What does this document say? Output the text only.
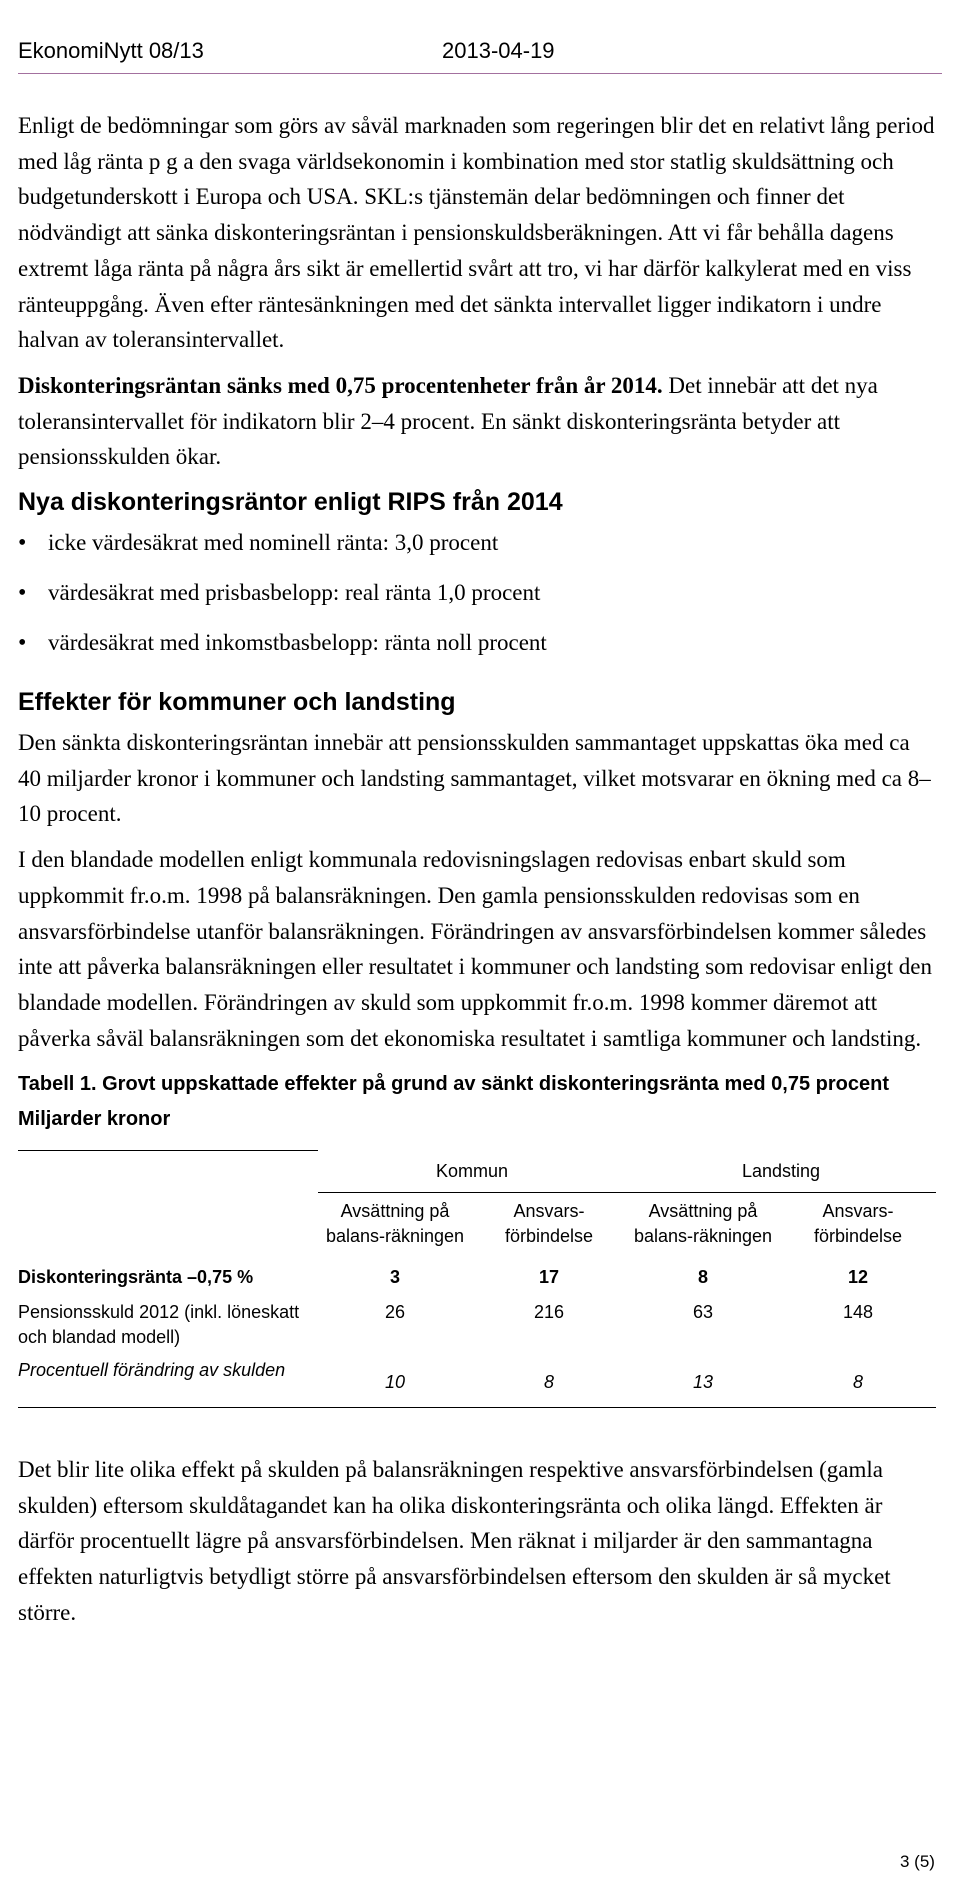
EkonomiNytt 08/13	2013-04-19

Enligt de bedömningar som görs av såväl marknaden som regeringen blir det en relativt lång period med låg ränta p g a den svaga världsekonomin i kombination med stor statlig skuldsättning och budgetunderskott i Europa och USA. SKL:s tjänstemän delar bedömningen och finner det nödvändigt att sänka diskonteringsräntan i pensionskuldsberäkningen. Att vi får behålla dagens extremt låga ränta på några års sikt är emellertid svårt att tro, vi har därför kalkylerat med en viss ränteuppgång. Även efter räntesänkningen med det sänkta intervallet ligger indikatorn i undre halvan av toleransintervallet.

Diskonteringsräntan sänks med 0,75 procentenheter från år 2014. Det innebär att det nya toleransintervallet för indikatorn blir 2–4 procent. En sänkt diskonteringsränta betyder att pensionsskulden ökar.

Nya diskonteringsräntor enligt RIPS från 2014
• icke värdesäkrat med nominell ränta: 3,0 procent
• värdesäkrat med prisbasbelopp: real ränta 1,0 procent
• värdesäkrat med inkomstbasbelopp: ränta noll procent
Effekter för kommuner och landsting

Den sänkta diskonteringsräntan innebär att pensionsskulden sammantaget uppskattas öka med ca 40 miljarder kronor i kommuner och landsting sammantaget, vilket motsvarar en ökning med ca 8–10 procent.

I den blandade modellen enligt kommunala redovisningslagen redovisas enbart skuld som uppkommit fr.o.m. 1998 på balansräkningen. Den gamla pensionsskulden redovisas som en ansvarsförbindelse utanför balansräkningen. Förändringen av ansvarsförbindelsen kommer således inte att påverka balansräkningen eller resultatet i kommuner och landsting som redovisar enligt den blandade modellen. Förändringen av skuld som uppkommit fr.o.m. 1998 kommer däremot att påverka såväl balansräkningen som det ekonomiska resultatet i samtliga kommuner och landsting.

Tabell 1. Grovt uppskattade effekter på grund av sänkt diskonteringsränta med 0,75 procent
Miljarder kronor
	Kommun		Landsting	
	Avsättning på balans-räkningen	Ansvars-förbindelse	Avsättning på balans-räkningen	Ansvars-förbindelse
Diskonteringsränta –0,75 %	3	17	8	12
Pensionsskuld 2012 (inkl. löneskatt och blandad modell)	26	216	63	148
Procentuell förändring av skulden	10	8	13	8

Det blir lite olika effekt på skulden på balansräkningen respektive ansvarsförbindelsen (gamla skulden) eftersom skuldåtagandet kan ha olika diskonteringsränta och olika längd. Effekten är därför procentuellt lägre på ansvarsförbindelsen. Men räknat i miljarder är den sammantagna effekten naturligtvis betydligt större på ansvarsförbindelsen eftersom den skulden är så mycket större.

3 (5)
